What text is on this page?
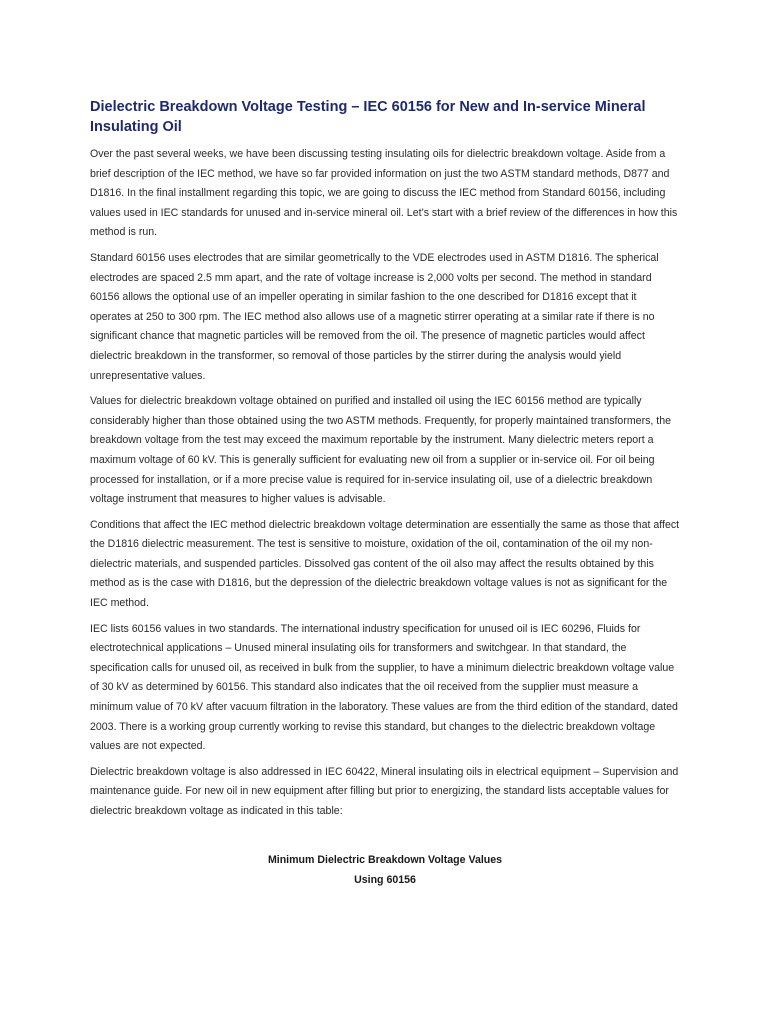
Dielectric Breakdown Voltage Testing – IEC 60156 for New and In-service Mineral Insulating Oil

Over the past several weeks, we have been discussing testing insulating oils for dielectric breakdown voltage. Aside from a brief description of the IEC method, we have so far provided information on just the two ASTM standard methods, D877 and D1816. In the final installment regarding this topic, we are going to discuss the IEC method from Standard 60156, including values used in IEC standards for unused and in-service mineral oil. Let’s start with a brief review of the differences in how this method is run.

Standard 60156 uses electrodes that are similar geometrically to the VDE electrodes used in ASTM D1816. The spherical electrodes are spaced 2.5 mm apart, and the rate of voltage increase is 2,000 volts per second. The method in standard 60156 allows the optional use of an impeller operating in similar fashion to the one described for D1816 except that it operates at 250 to 300 rpm. The IEC method also allows use of a magnetic stirrer operating at a similar rate if there is no significant chance that magnetic particles will be removed from the oil. The presence of magnetic particles would affect dielectric breakdown in the transformer, so removal of those particles by the stirrer during the analysis would yield unrepresentative values.

Values for dielectric breakdown voltage obtained on purified and installed oil using the IEC 60156 method are typically considerably higher than those obtained using the two ASTM methods. Frequently, for properly maintained transformers, the breakdown voltage from the test may exceed the maximum reportable by the instrument. Many dielectric meters report a maximum voltage of 60 kV. This is generally sufficient for evaluating new oil from a supplier or in-service oil. For oil being processed for installation, or if a more precise value is required for in-service insulating oil, use of a dielectric breakdown voltage instrument that measures to higher values is advisable.

Conditions that affect the IEC method dielectric breakdown voltage determination are essentially the same as those that affect the D1816 dielectric measurement. The test is sensitive to moisture, oxidation of the oil, contamination of the oil my non-dielectric materials, and suspended particles. Dissolved gas content of the oil also may affect the results obtained by this method as is the case with D1816, but the depression of the dielectric breakdown voltage values is not as significant for the IEC method.

IEC lists 60156 values in two standards. The international industry specification for unused oil is IEC 60296, Fluids for electrotechnical applications – Unused mineral insulating oils for transformers and switchgear. In that standard, the specification calls for unused oil, as received in bulk from the supplier, to have a minimum dielectric breakdown voltage value of 30 kV as determined by 60156. This standard also indicates that the oil received from the supplier must measure a minimum value of 70 kV after vacuum filtration in the laboratory. These values are from the third edition of the standard, dated 2003. There is a working group currently working to revise this standard, but changes to the dielectric breakdown voltage values are not expected.

Dielectric breakdown voltage is also addressed in IEC 60422, Mineral insulating oils in electrical equipment – Supervision and maintenance guide. For new oil in new equipment after filling but prior to energizing, the standard lists acceptable values for dielectric breakdown voltage as indicated in this table:

Minimum Dielectric Breakdown Voltage Values
Using 60156
